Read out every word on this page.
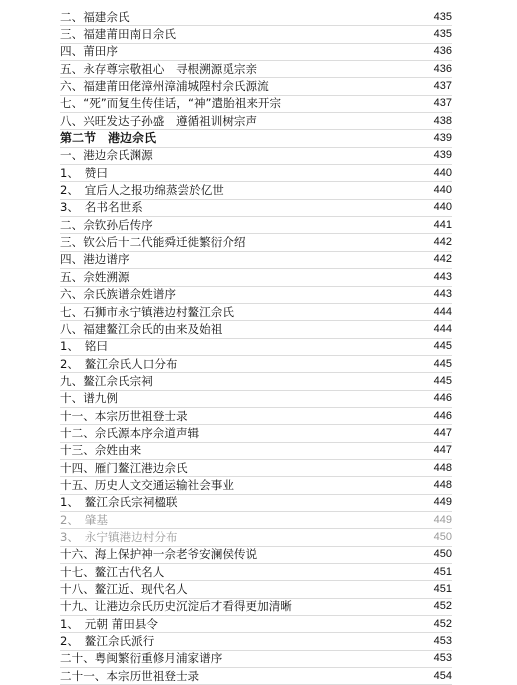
二、福建佘氏	435
三、福建莆田南日佘氏	435
四、莆田序	436
五、永存尊宗敬祖心　寻根溯源觅宗亲	436
六、福建莆田佬漳州漳浦城隍村佘氏源流	437
七、“死”而复生传佳话，“神”遣胎祖来开宗	437
八、兴旺发达子孙盛　遵循祖训树宗声	438
第二节　港边佘氏	439
一、港边佘氏渊源	439
1、　赞曰	440
2、　宜后人之报功绵蒸尝於亿世	440
3、　名书名世系	440
二、佘钦孙后传序	441
三、钦公后十二代能舜迁徙繁衍介绍	442
四、港边谱序	442
五、佘姓溯源	443
六、佘氏族谱佘姓谱序	443
七、石狮市永宁镇港边村鳌江佘氏	444
八、福建鳌江佘氏的由来及始祖	444
1、　铭曰	445
2、　鳌江佘氏人口分布	445
九、鳌江佘氏宗祠	445
十、谱九例	446
十一、本宗历世祖登士录	446
十二、佘氏源本序佘道声辑	447
十三、佘姓由来	447
十四、雁门鳌江港边佘氏	448
十五、历史人文交通运输社会事业	448
1、　鳌江佘氏宗祠楹联	449
2、　肇基	449
3、　永宁镇港边村分布	450
十六、海上保护神一佘老爷安澜侯传说	450
十七、鳌江古代名人	451
十八、鳌江近、现代名人	451
十九、让港边佘氏历史沉淀后才看得更加清晰	452
1、　元朝 莆田县令	452
2、　鳌江佘氏派行	453
二十、粤闽繁衍重修月浦家谱序	453
二十一、本宗历世祖登士录	454
